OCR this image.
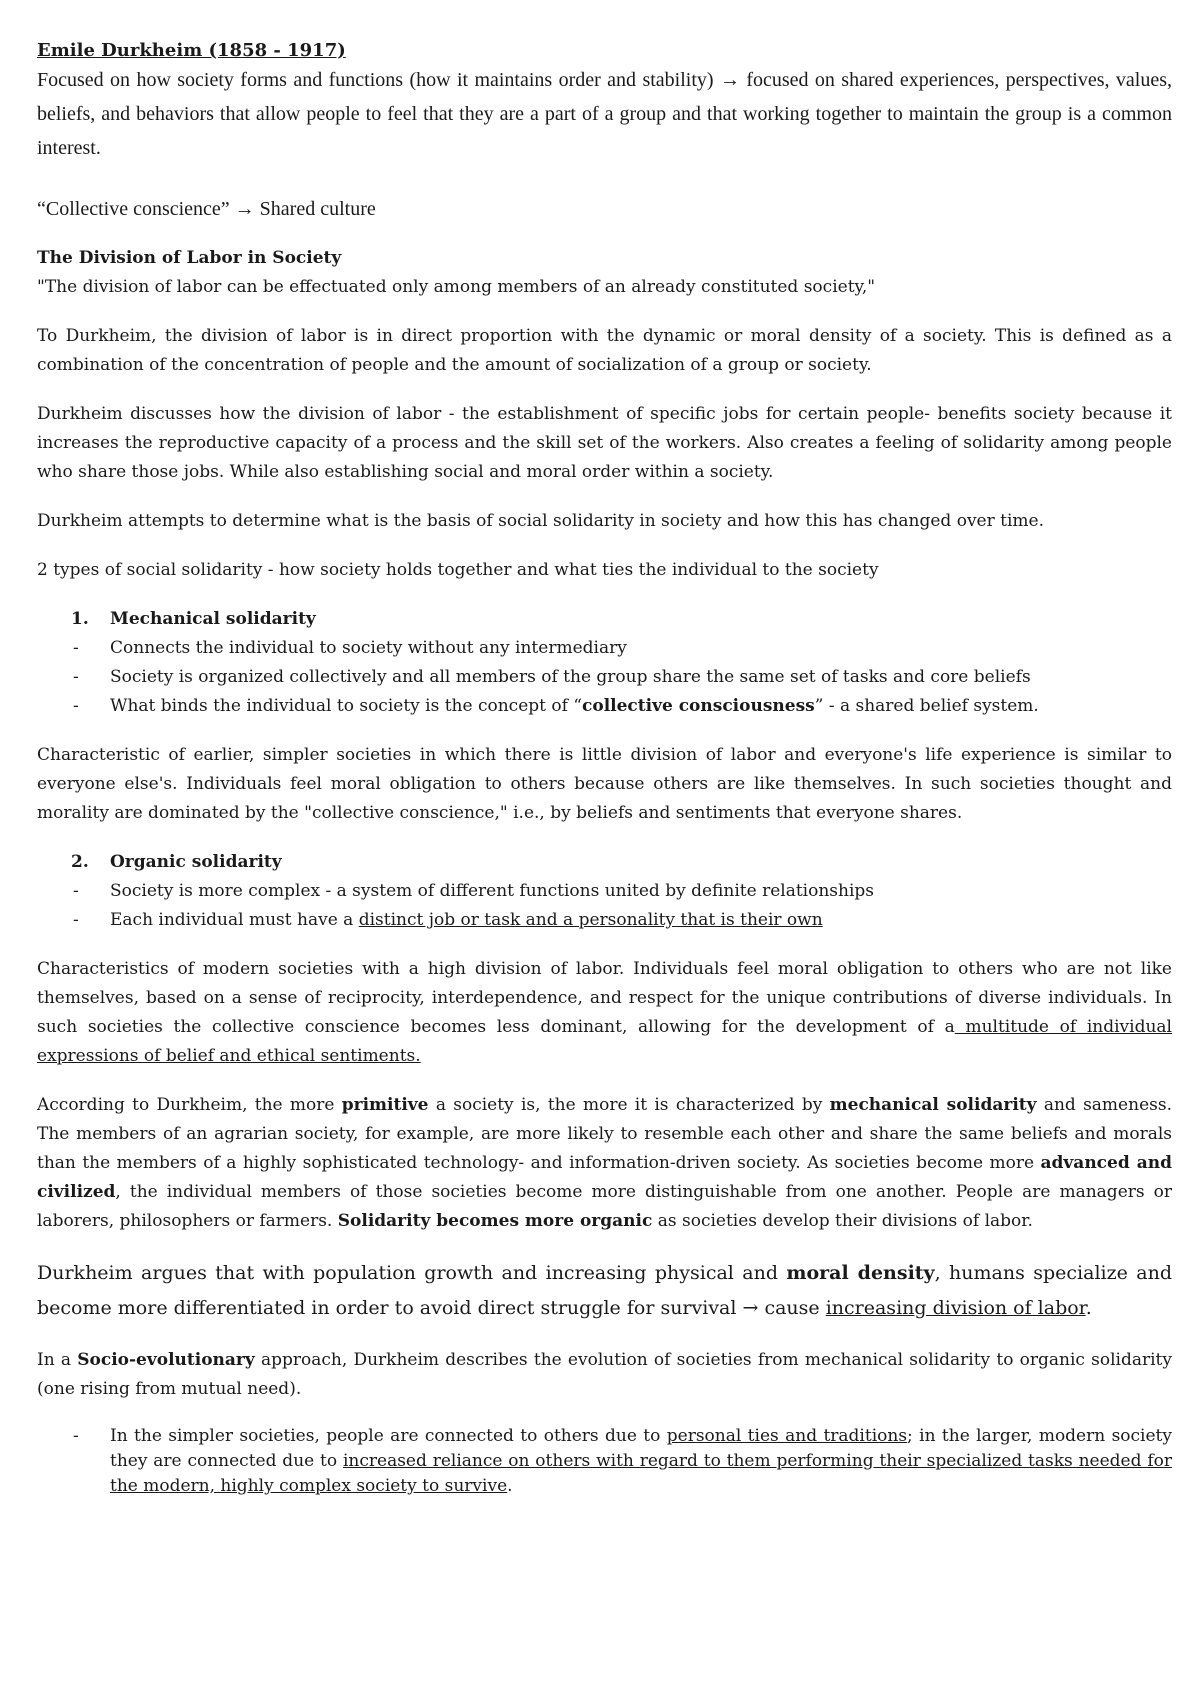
Emile Durkheim (1858 - 1917)

Focused on how society forms and functions (how it maintains order and stability) → focused on shared experiences, perspectives, values, beliefs, and behaviors that allow people to feel that they are a part of a group and that working together to maintain the group is a common interest.

“Collective conscience” → Shared culture

The Division of Labor in Society

"The division of labor can be effectuated only among members of an already constituted society,"

To Durkheim, the division of labor is in direct proportion with the dynamic or moral density of a society. This is defined as a combination of the concentration of people and the amount of socialization of a group or society.

Durkheim discusses how the division of labor - the establishment of specific jobs for certain people- benefits society because it increases the reproductive capacity of a process and the skill set of the workers. Also creates a feeling of solidarity among people who share those jobs. While also establishing social and moral order within a society.

Durkheim attempts to determine what is the basis of social solidarity in society and how this has changed over time.

2 types of social solidarity - how society holds together and what ties the individual to the society

1. Mechanical solidarity
- Connects the individual to society without any intermediary
- Society is organized collectively and all members of the group share the same set of tasks and core beliefs
- What binds the individual to society is the concept of “collective consciousness” - a shared belief system.

Characteristic of earlier, simpler societies in which there is little division of labor and everyone's life experience is similar to everyone else's. Individuals feel moral obligation to others because others are like themselves. In such societies thought and morality are dominated by the "collective conscience," i.e., by beliefs and sentiments that everyone shares.

2. Organic solidarity
- Society is more complex - a system of different functions united by definite relationships
- Each individual must have a distinct job or task and a personality that is their own

Characteristics of modern societies with a high division of labor. Individuals feel moral obligation to others who are not like themselves, based on a sense of reciprocity, interdependence, and respect for the unique contributions of diverse individuals. In such societies the collective conscience becomes less dominant, allowing for the development of a multitude of individual expressions of belief and ethical sentiments.

According to Durkheim, the more primitive a society is, the more it is characterized by mechanical solidarity and sameness. The members of an agrarian society, for example, are more likely to resemble each other and share the same beliefs and morals than the members of a highly sophisticated technology- and information-driven society. As societies become more advanced and civilized, the individual members of those societies become more distinguishable from one another. People are managers or laborers, philosophers or farmers. Solidarity becomes more organic as societies develop their divisions of labor.

Durkheim argues that with population growth and increasing physical and moral density, humans specialize and become more differentiated in order to avoid direct struggle for survival → cause increasing division of labor.

In a Socio-evolutionary approach, Durkheim describes the evolution of societies from mechanical solidarity to organic solidarity (one rising from mutual need).

- In the simpler societies, people are connected to others due to personal ties and traditions; in the larger, modern society they are connected due to increased reliance on others with regard to them performing their specialized tasks needed for the modern, highly complex society to survive.
